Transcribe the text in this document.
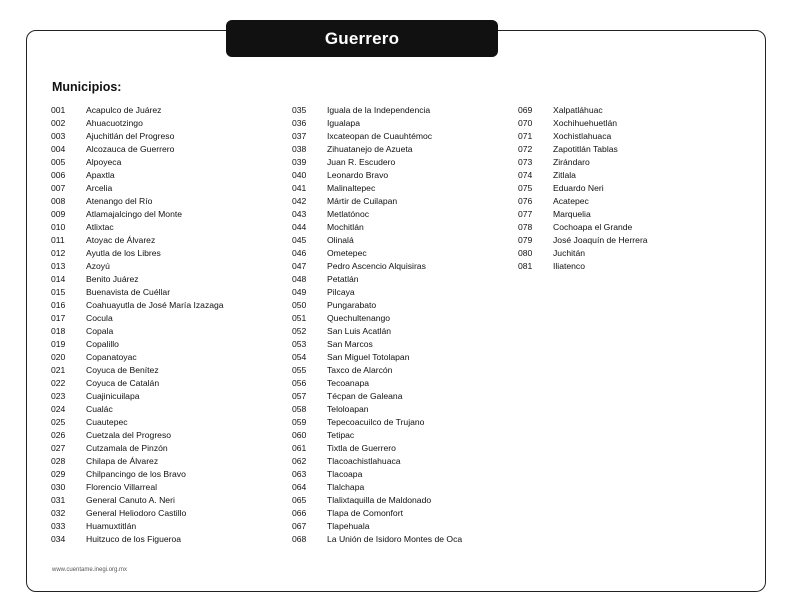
Guerrero
Municipios:
001	Acapulco de Juárez
002	Ahuacuotzingo
003	Ajuchitlán del Progreso
004	Alcozauca de Guerrero
005	Alpoyeca
006	Apaxtla
007	Arcelia
008	Atenango del Río
009	Atlamajalcingo del Monte
010	Atlixtac
011	Atoyac de Álvarez
012	Ayutla de los Libres
013	Azoyú
014	Benito Juárez
015	Buenavista de Cuéllar
016	Coahuayutla de José María Izazaga
017	Cocula
018	Copala
019	Copalillo
020	Copanatoyac
021	Coyuca de Benítez
022	Coyuca de Catalán
023	Cuajinicuilapa
024	Cualác
025	Cuautepec
026	Cuetzala del Progreso
027	Cutzamala de Pinzón
028	Chilapa de Álvarez
029	Chilpancingo de los Bravo
030	Florencio Villarreal
031	General Canuto A. Neri
032	General Heliodoro Castillo
033	Huamuxtitlán
034	Huitzuco de los Figueroa
035	Iguala de la Independencia
036	Igualapa
037	Ixcateopan de Cuauhtémoc
038	Zihuatanejo de Azueta
039	Juan R. Escudero
040	Leonardo Bravo
041	Malinaltepec
042	Mártir de Cuilapan
043	Metlatónoc
044	Mochitlán
045	Olinalá
046	Ometepec
047	Pedro Ascencio Alquisiras
048	Petatlán
049	Pilcaya
050	Pungarabato
051	Quechultenango
052	San Luis Acatlán
053	San Marcos
054	San Miguel Totolapan
055	Taxco de Alarcón
056	Tecoanapa
057	Técpan de Galeana
058	Teloloapan
059	Tepecoacuilco de Trujano
060	Tetipac
061	Tixtla de Guerrero
062	Tlacoachistlahuaca
063	Tlacoapa
064	Tlalchapa
065	Tlalixtaquilla de Maldonado
066	Tlapa de Comonfort
067	Tlapehuala
068	La Unión de Isidoro Montes de Oca
069	Xalpatláhuac
070	Xochihuehuetlán
071	Xochistlahuaca
072	Zapotitlán Tablas
073	Zirándaro
074	Zitlala
075	Eduardo Neri
076	Acatepec
077	Marquelia
078	Cochoapa el Grande
079	José Joaquín de Herrera
080	Juchitán
081	Iliatenco
www.cuentame.inegi.org.mx
